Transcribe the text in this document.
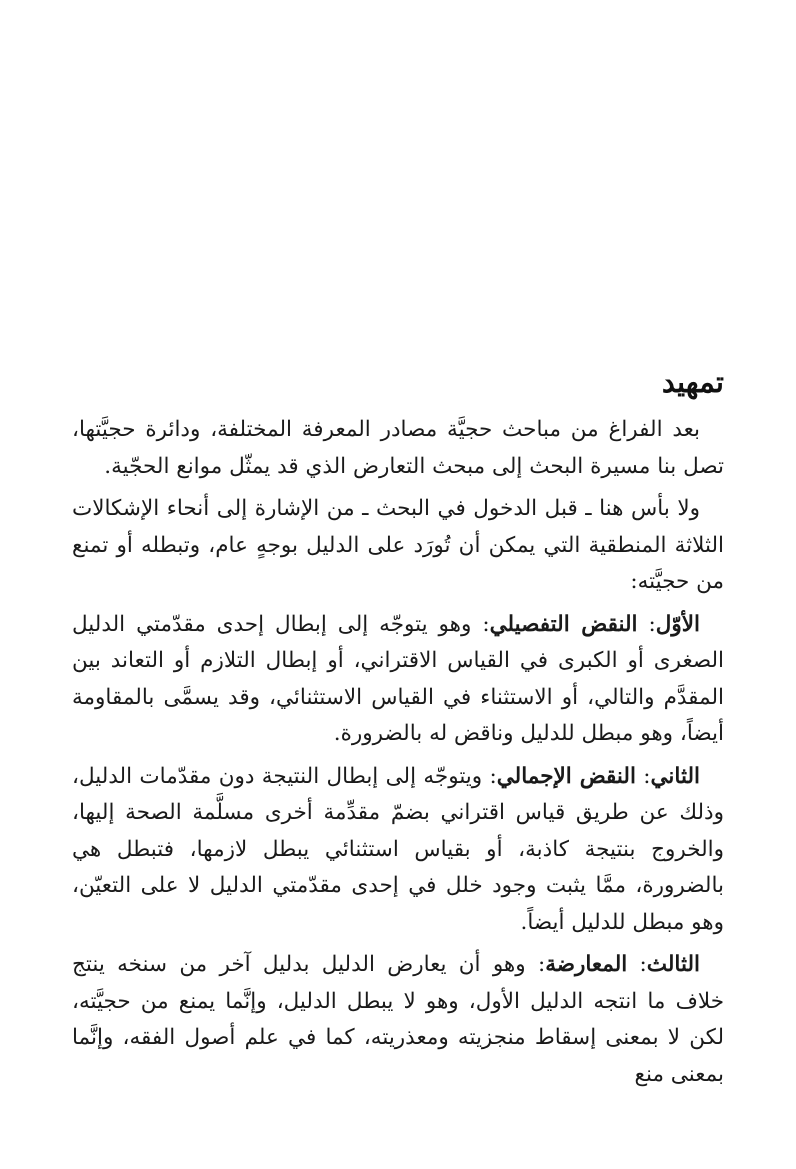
تمهيد

بعد الفراغ من مباحث حجيَّة مصادر المعرفة المختلفة، ودائرة حجيَّتها، تصل بنا مسيرة البحث إلى مبحث التعارض الذي قد يمثّل موانع الحجّية.

ولا بأس هنا ـ قبل الدخول في البحث ـ من الإشارة إلى أنحاء الإشكالات الثلاثة المنطقية التي يمكن أن تُورَد على الدليل بوجهٍ عام، وتبطله أو تمنع من حجيَّته:

الأوّل: النقض التفصيلي: وهو يتوجّه إلى إبطال إحدى مقدّمتي الدليل الصغرى أو الكبرى في القياس الاقتراني، أو إبطال التلازم أو التعاند بين المقدَّم والتالي، أو الاستثناء في القياس الاستثنائي، وقد يسمَّى بالمقاومة أيضاً، وهو مبطل للدليل وناقض له بالضرورة.

الثاني: النقض الإجمالي: ويتوجّه إلى إبطال النتيجة دون مقدّمات الدليل، وذلك عن طريق قياس اقتراني بضمّ مقدِّمة أخرى مسلَّمة الصحة إليها، والخروج بنتيجة كاذبة، أو بقياس استثنائي يبطل لازمها، فتبطل هي بالضرورة، ممَّا يثبت وجود خلل في إحدى مقدّمتي الدليل لا على التعيّن، وهو مبطل للدليل أيضاً.

الثالث: المعارضة: وهو أن يعارض الدليل بدليل آخر من سنخه ينتج خلاف ما انتجه الدليل الأول، وهو لا يبطل الدليل، وإنَّما يمنع من حجيَّته، لكن لا بمعنى إسقاط منجزيته ومعذريته، كما في علم أصول الفقه، وإنَّما بمعنى منع
